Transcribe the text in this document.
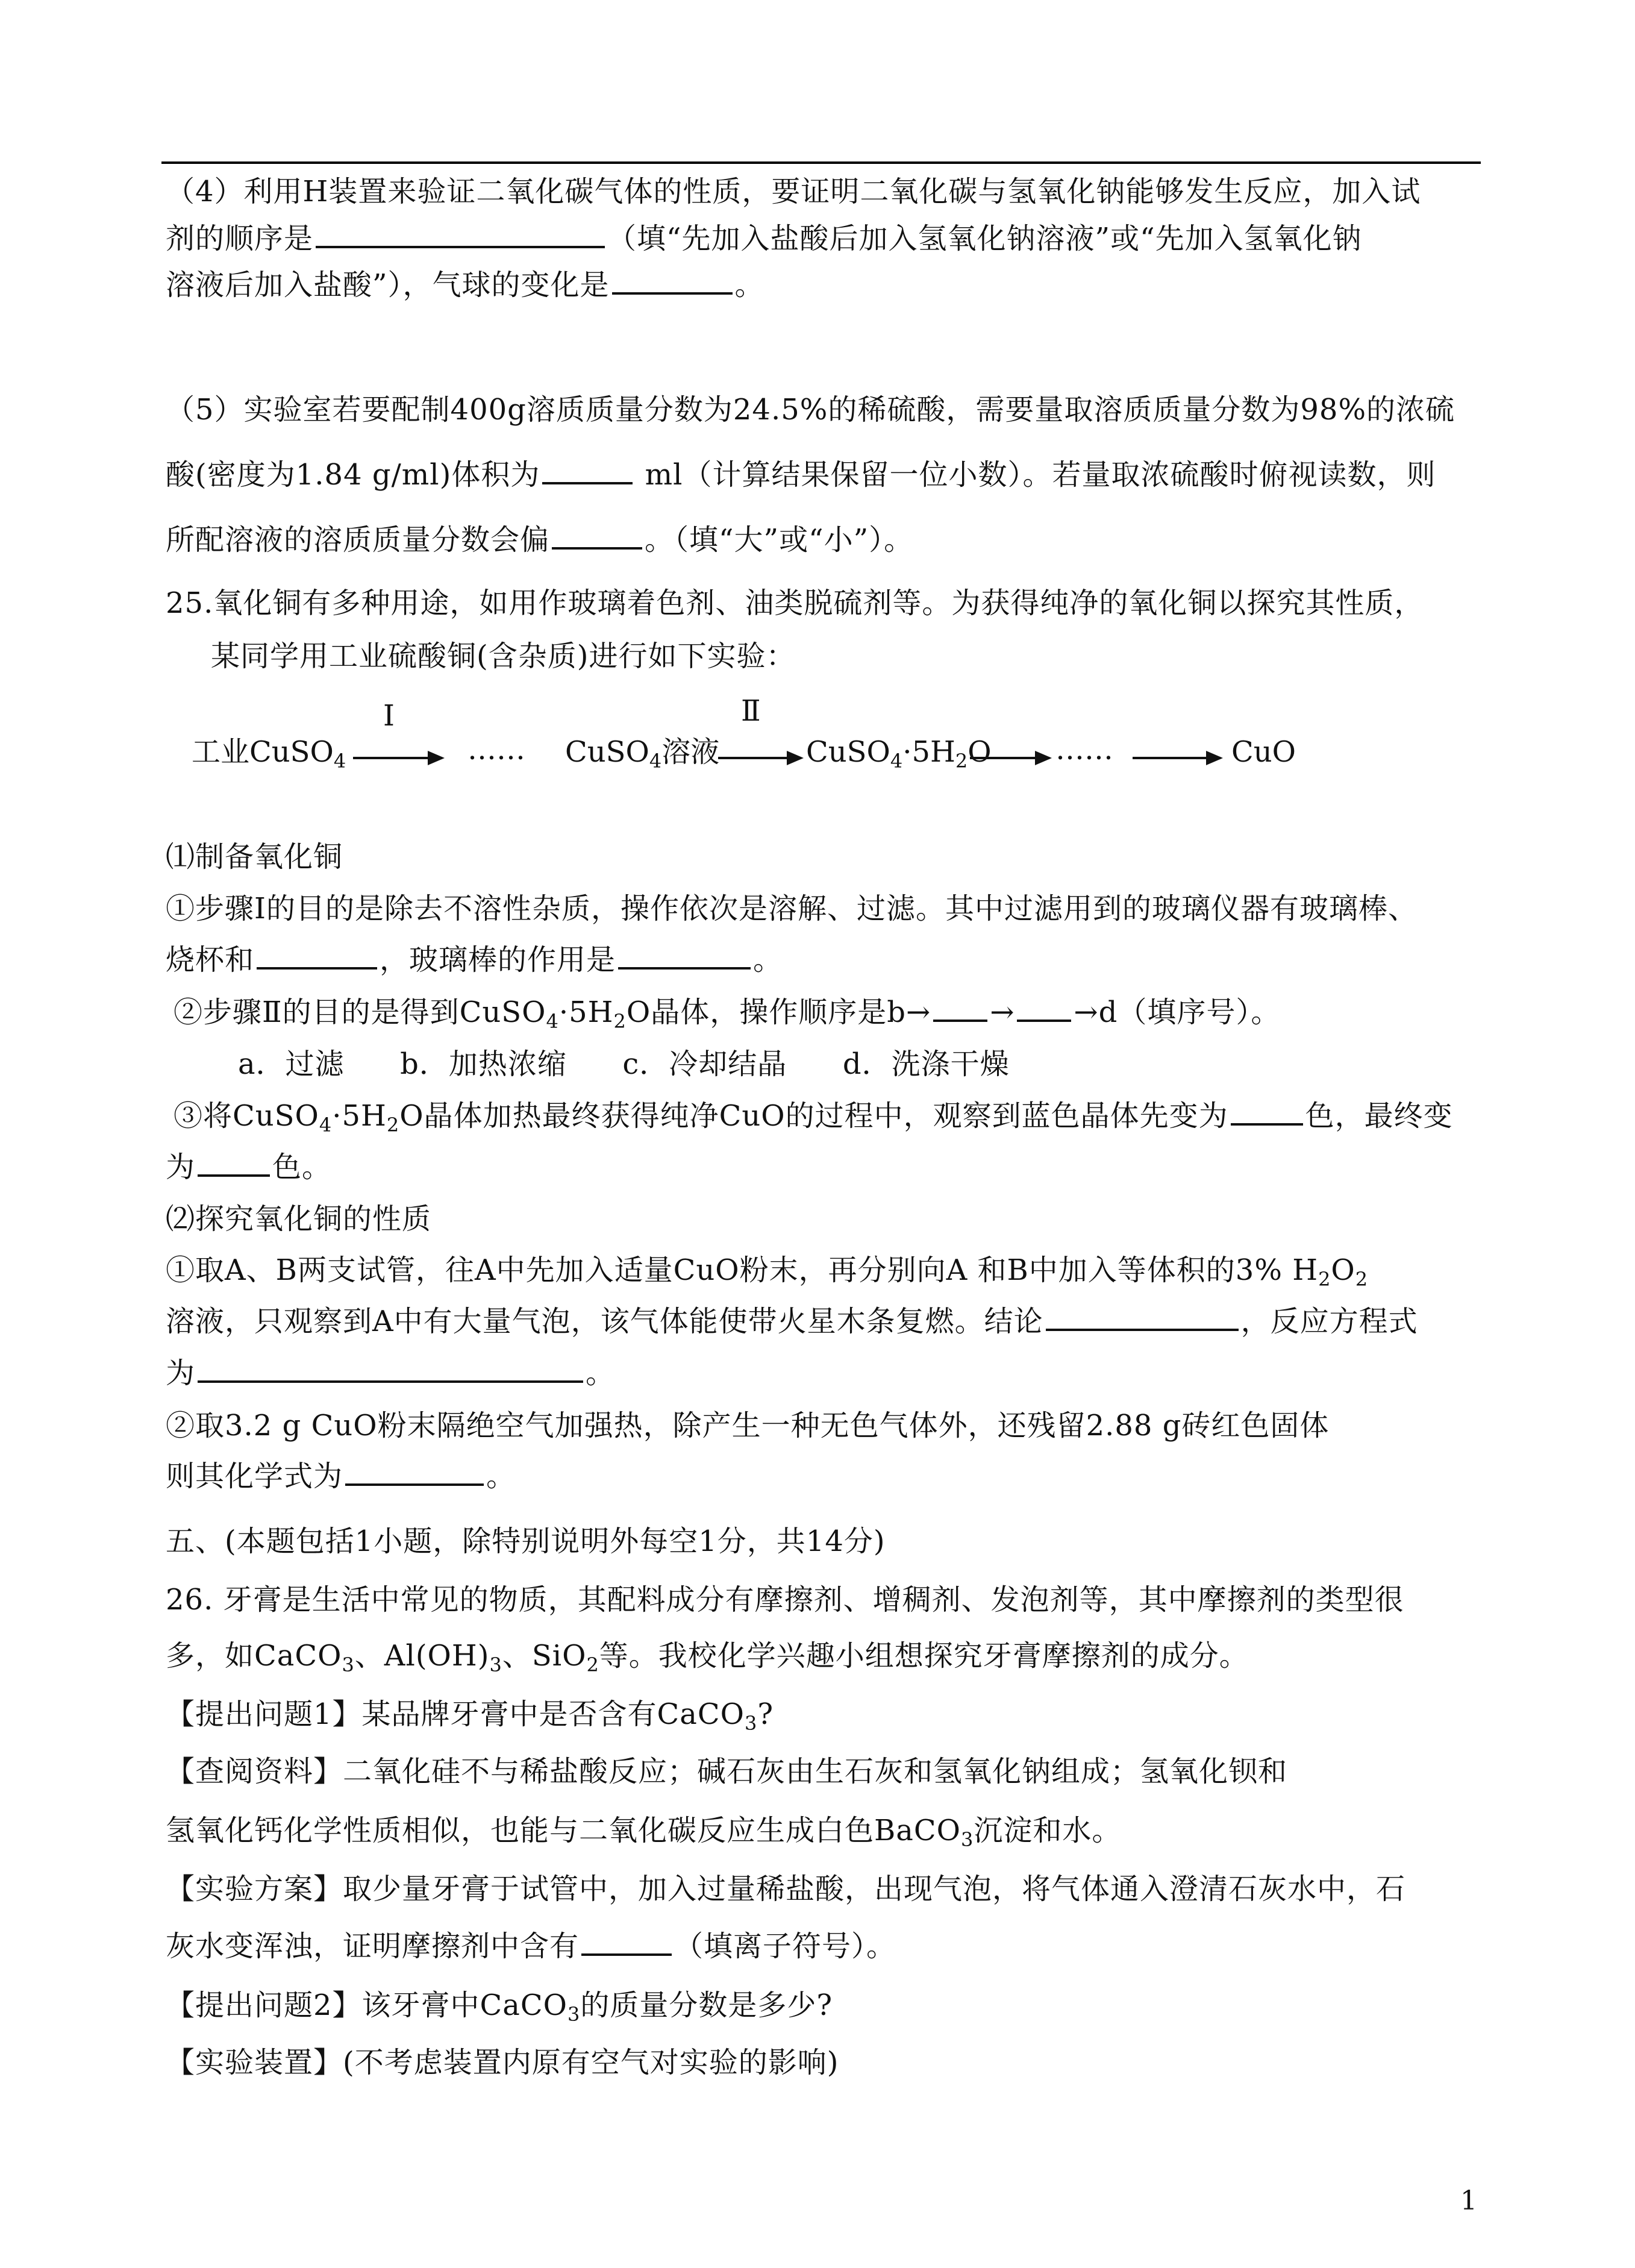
（4）利用H装置来验证二氧化碳气体的性质，要证明二氧化碳与氢氧化钠能够发生反应，加入试
剂的顺序是	（填“先加入盐酸后加入氢氧化钠溶液”或“先加入氢氧化钠
溶液后加入盐酸”），气球的变化是	。
（5）实验室若要配制400g溶质质量分数为24.5%的稀硫酸，需要量取溶质质量分数为98%的浓硫
酸(密度为1.84 g/ml)体积为	ml（计算结果保留一位小数）。若量取浓硫酸时俯视读数，则
所配溶液的溶质质量分数会偏	。（填“大”或“小”）。
25.氧化铜有多种用途，如用作玻璃着色剂、油类脱硫剂等。为获得纯净的氧化铜以探究其性质，
某同学用工业硫酸铜(含杂质)进行如下实验：
Ⅰ	Ⅱ
工业CuSO$_4$	…… CuSO$_4$溶液	$CuSO_4\cdot 5H_2O$ ……	CuO
⑴制备氧化铜
①步骤Ⅰ的目的是除去不溶性杂质，操作依次是溶解、过滤。其中过滤用到的玻璃仪器有玻璃棒、
烧杯和	，玻璃棒的作用是	。
②步骤Ⅱ的目的是得到$CuSO_4\cdot 5H_2O$晶体，操作顺序是b→ → →d（填序号）。
a．过滤 b．加热浓缩 c．冷却结晶 d．洗涤干燥
③将$CuSO_4\cdot 5H_2O$晶体加热最终获得纯净CuO的过程中，观察到蓝色晶体先变为	色，最终变
为	色。
⑵探究氧化铜的性质
①取A、B两支试管，往A中先加入适量CuO粉末，再分别向A 和B中加入等体积的3% $H_2O_2$
溶液，只观察到A中有大量气泡，该气体能使带火星木条复燃。结论	，反应方程式
为	。
②取3.2 g CuO粉末隔绝空气加强热，除产生一种无色气体外，还残留2.88 g砖红色固体
则其化学式为	。
五、(本题包括1小题，除特别说明外每空1分，共14分)
26. 牙膏是生活中常见的物质，其配料成分有摩擦剂、增稠剂、发泡剂等，其中摩擦剂的类型很
多，如CaCO$_3$、$Al(OH)_3$、SiO$_2$等。我校化学兴趣小组想探究牙膏摩擦剂的成分。
【提出问题1】某品牌牙膏中是否含有CaCO$_3$?
【查阅资料】二氧化硅不与稀盐酸反应；碱石灰由生石灰和氢氧化钠组成；氢氧化钡和
氢氧化钙化学性质相似，也能与二氧化碳反应生成白色BaCO$_3$沉淀和水。
【实验方案】取少量牙膏于试管中，加入过量稀盐酸，出现气泡，将气体通入澄清石灰水中，石
灰水变浑浊，证明摩擦剂中含有	（填离子符号）。
【提出问题2】该牙膏中CaCO$_3$的质量分数是多少?
【实验装置】(不考虑装置内原有空气对实验的影响)
1
